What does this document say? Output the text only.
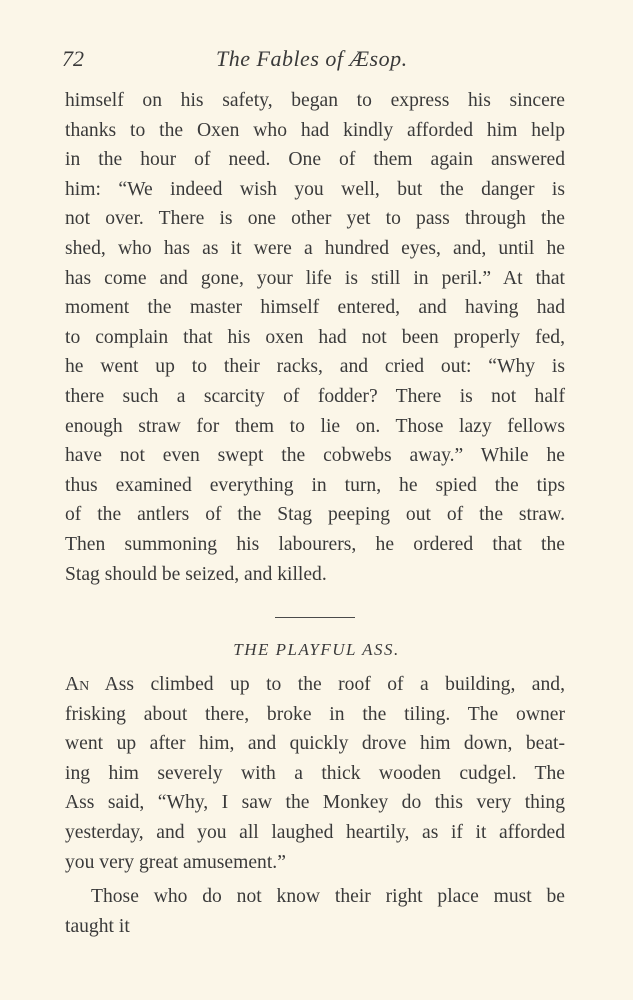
72	The Fables of Æsop.
himself on his safety, began to express his sincere
thanks to the Oxen who had kindly afforded him help
in the hour of need. One of them again answered
him: “We indeed wish you well, but the danger is
not over. There is one other yet to pass through the
shed, who has as it were a hundred eyes, and, until he
has come and gone, your life is still in peril.” At that
moment the master himself entered, and having had
to complain that his oxen had not been properly fed,
he went up to their racks, and cried out: “Why is
there such a scarcity of fodder? There is not half
enough straw for them to lie on. Those lazy fellows
have not even swept the cobwebs away.” While he
thus examined everything in turn, he spied the tips
of the antlers of the Stag peeping out of the straw.
Then summoning his labourers, he ordered that the
Stag should be seized, and killed.
THE PLAYFUL ASS.
An Ass climbed up to the roof of a building, and,
frisking about there, broke in the tiling. The owner
went up after him, and quickly drove him down, beat-
ing him severely with a thick wooden cudgel. The
Ass said, “Why, I saw the Monkey do this very thing
yesterday, and you all laughed heartily, as if it afforded
you very great amusement.”
Those who do not know their right place must be
taught it
